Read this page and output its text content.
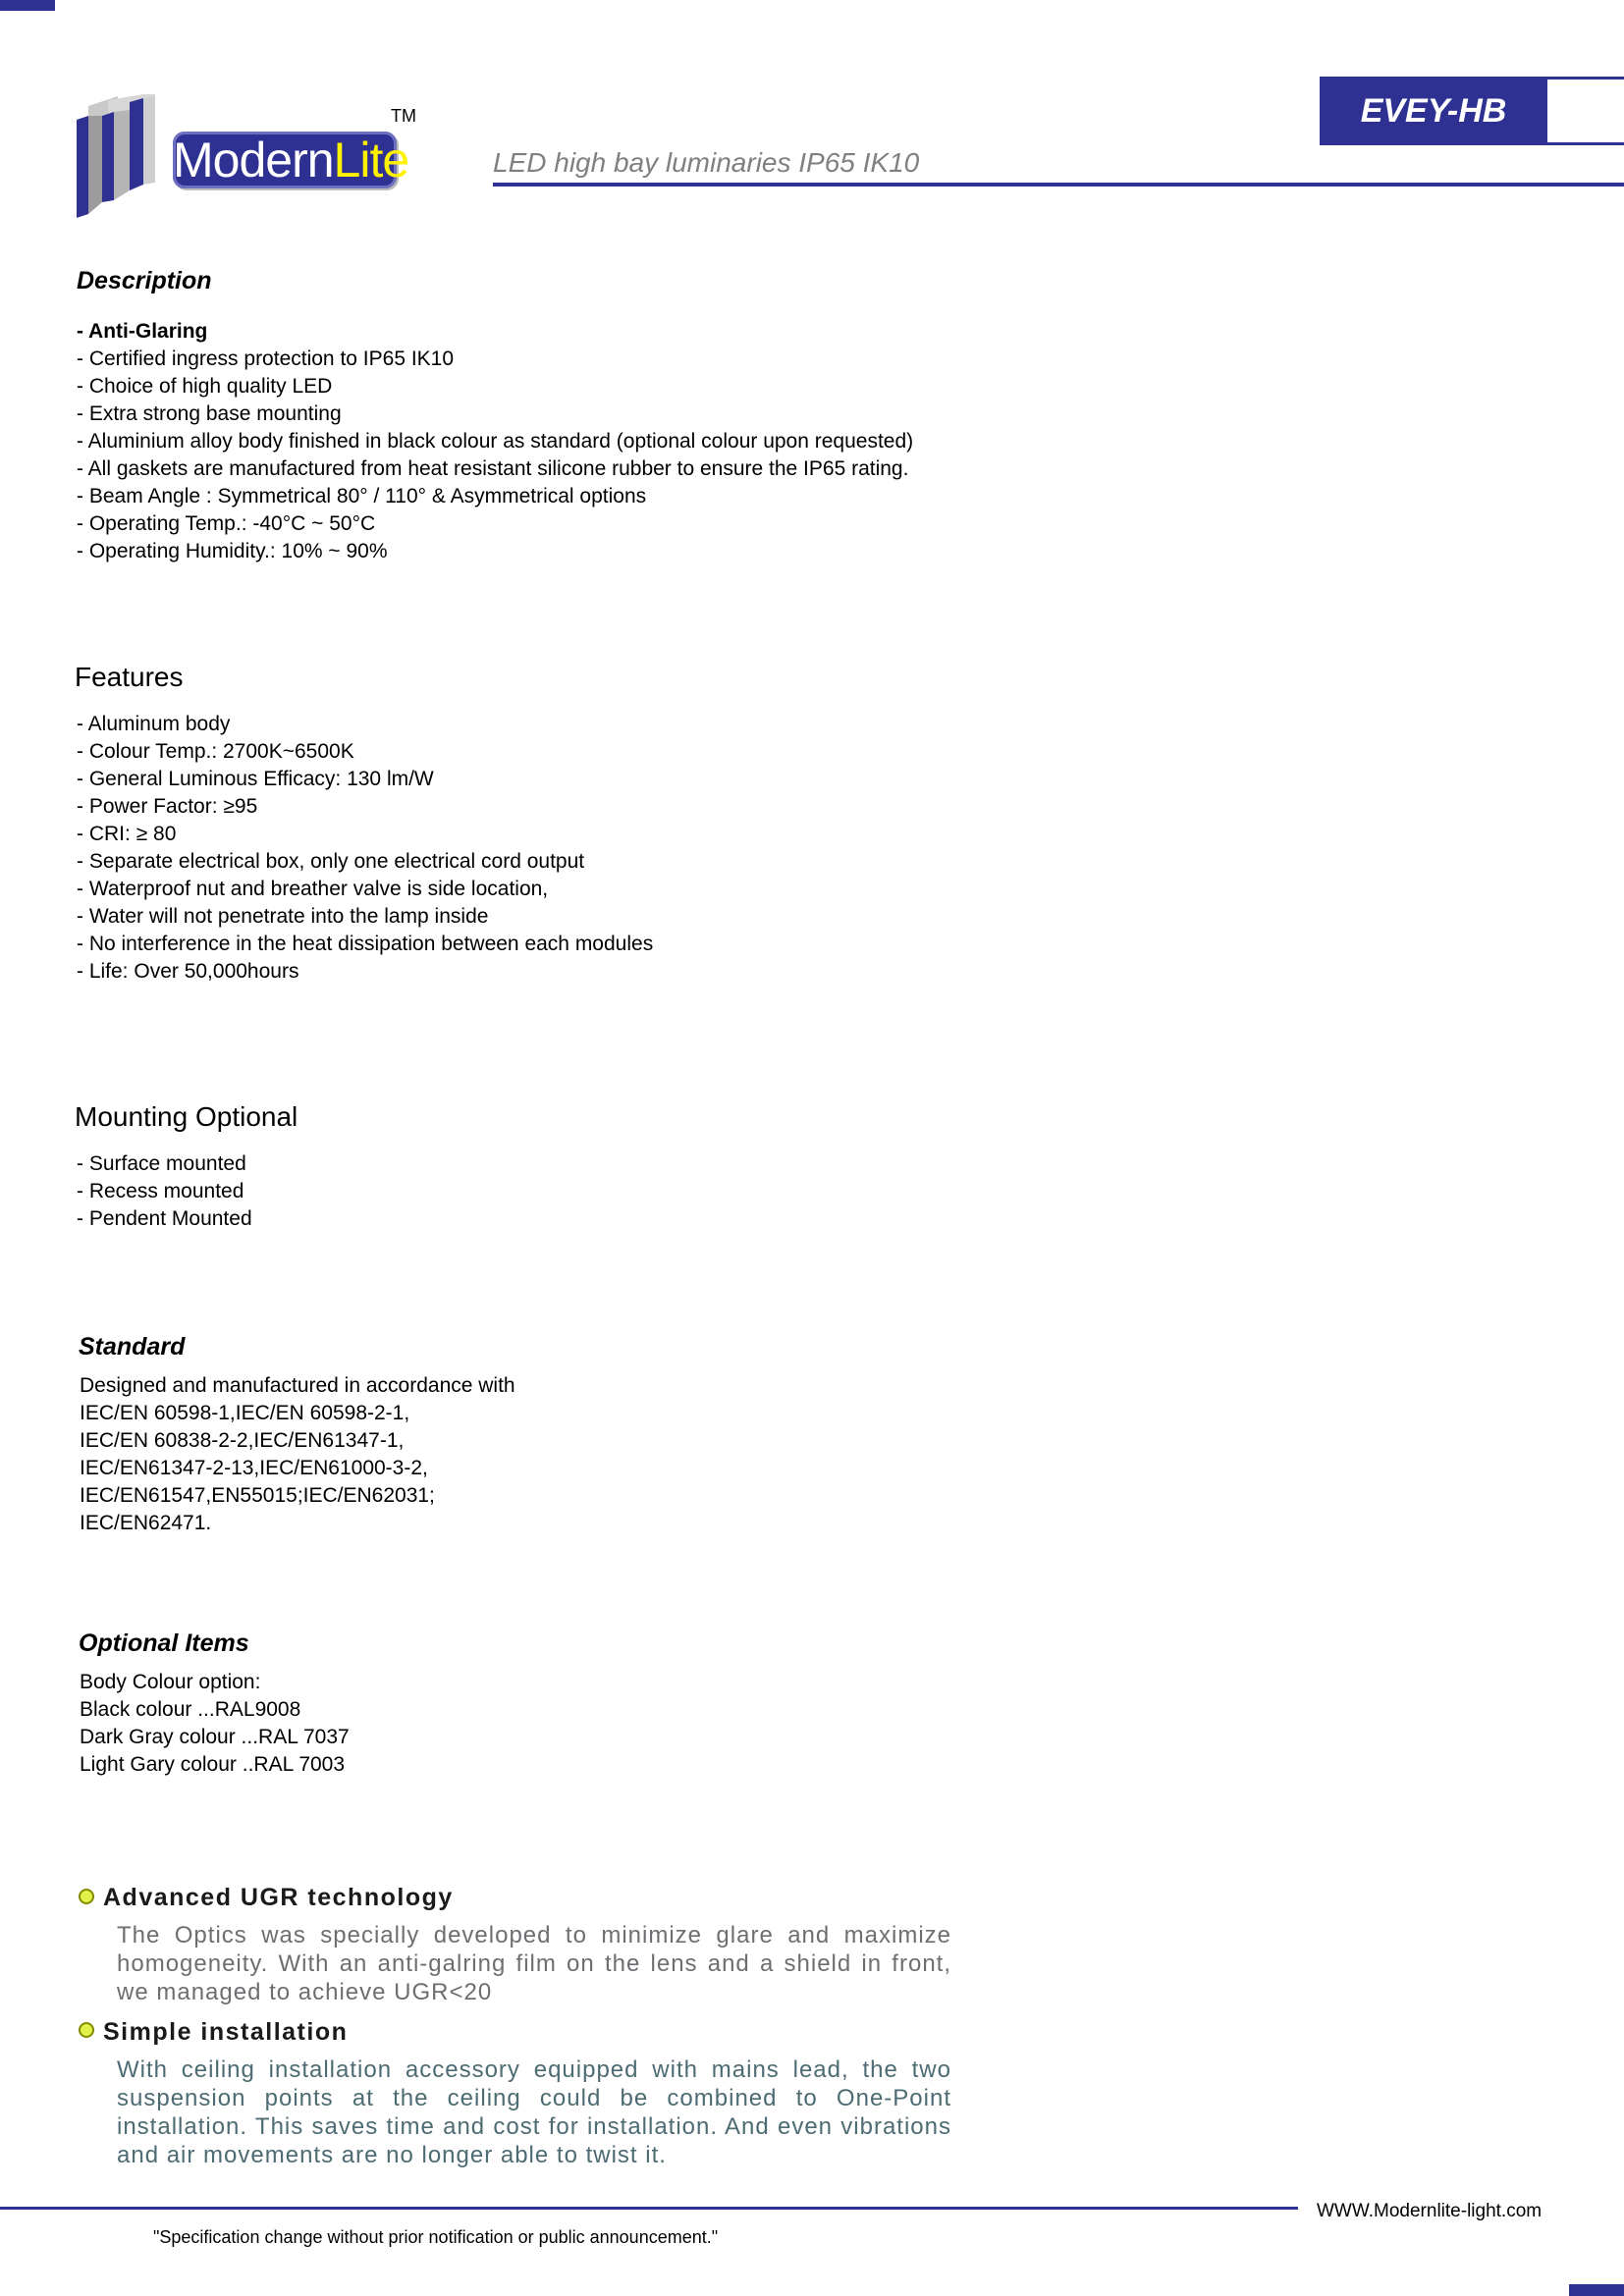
ModernLite
TM	EVEY-HB
LED high bay luminaries IP65 IK10
Description
- Anti-Glaring
- Certified ingress protection to IP65 IK10
- Choice of high quality LED
- Extra strong base mounting
- Aluminium alloy body finished in black colour as standard (optional colour upon requested)
- All gaskets are manufactured from heat resistant silicone rubber to ensure the IP65 rating.
- Beam Angle : Symmetrical 80° / 110° & Asymmetrical options
- Operating Temp.: -40°C ~ 50°C
- Operating Humidity.: 10% ~ 90%
Features
- Aluminum body
- Colour Temp.: 2700K~6500K
- General Luminous Efficacy: 130 lm/W
- Power Factor: ≥95
- CRI: ≥ 80
- Separate electrical box, only one electrical cord output
- Waterproof nut and breather valve is side location,
- Water will not penetrate into the lamp inside
- No interference in the heat dissipation between each modules
- Life: Over 50,000hours
Mounting Optional
- Surface mounted
- Recess mounted
- Pendent Mounted
Standard
Designed and manufactured in accordance with
IEC/EN 60598-1,IEC/EN 60598-2-1,
IEC/EN 60838-2-2,IEC/EN61347-1,
IEC/EN61347-2-13,IEC/EN61000-3-2,
IEC/EN61547,EN55015;IEC/EN62031;
IEC/EN62471.
Optional Items
Body Colour option:
Black colour ...RAL9008
Dark Gray colour ...RAL 7037
Light Gary colour ..RAL 7003
Advanced UGR technology
The Optics was specially developed to minimize glare and maximize homogeneity. With an anti-galring film on the lens and a shield in front, we managed to achieve UGR<20
Simple installation
With ceiling installation accessory equipped with mains lead, the two suspension points at the ceiling could be combined to One-Point installation. This saves time and cost for installation. And even vibrations and air movements are no longer able to twist it.
WWW.Modernlite-light.com
"Specification change without prior notification or public announcement."
